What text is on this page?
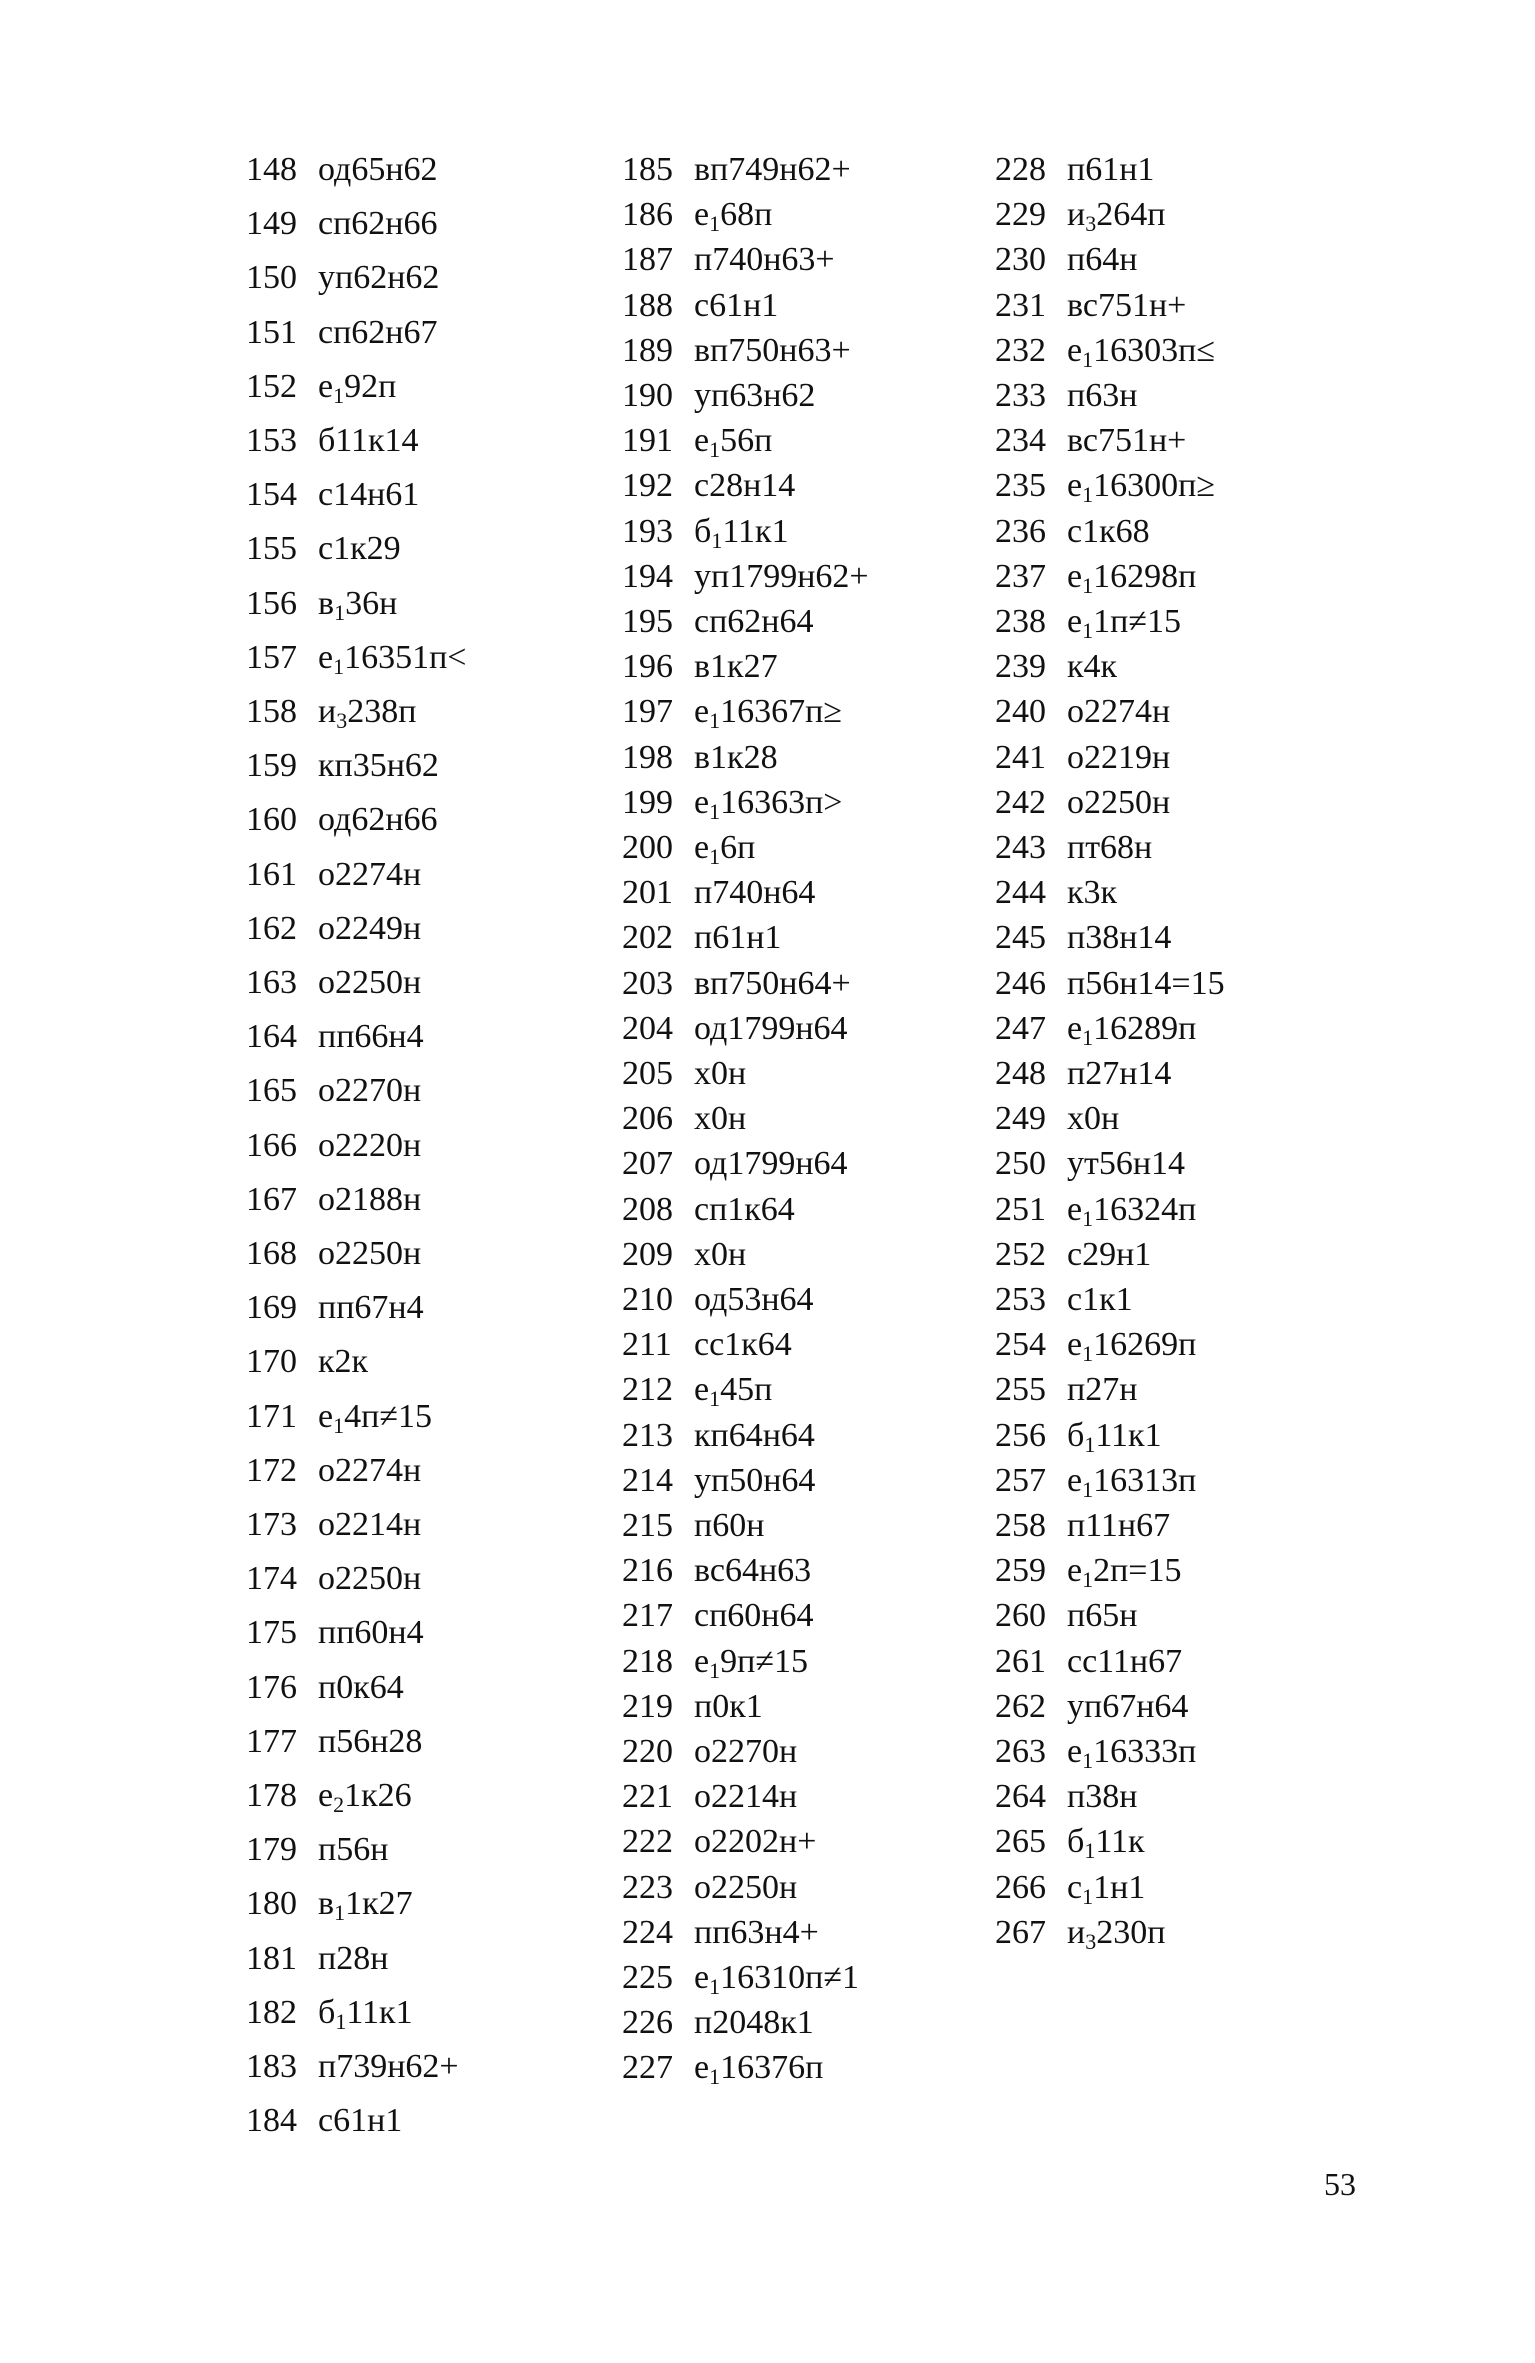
148 од65н62
149 сп62н66
150 уп62н62
151 сп62н67
152 $e_192п$
153 б11к14
154 с14н61
155 с1к29
156 $в_136н$
157 $e_116351п<$
158 $и_3238п$
159 кп35н62
160 од62н66
161 o2274н
162 o2249н
163 o2250н
164 пп66н4
165 o2270н
166 o2220н
167 o2188н
168 o2250н
169 пп67н4
170 к2к
171 $e_14п\ne 15$
172 o2274н
173 o2214н
174 o2250н
175 пп60н4
176 п0к64
177 п56н28
178 $e_21к26$
179 п56н
180 $в_11к27$
181 п28н
182 $б_111к1$
183 п739н62+
184 с61н1
185 вп749н62+
186 $e_168п$
187 п740н63+
188 с61н1
189 вп750н63+
190 уп63н62
191 $e_156п$
192 с28н14
193 $б_111к1$
194 уп1799н62+
195 сп62н64
196 в1к27
197 $e_116367п\ge$
198 в1к28
199 $e_116363п>$
200 $e_16п$
201 п740н64
202 п61н1
203 вп750н64+
204 од1799н64
205 х0н
206 х0н
207 од1799н64
208 сп1к64
209 х0н
210 од53н64
211 сс1к64
212 $e_145п$
213 кп64н64
214 уп50н64
215 п60н
216 вс64н63
217 сп60н64
218 $e_19п\ne 15$
219 п0к1
220 o2270н
221 o2214н
222 o2202н+
223 o2250н
224 пп63н4+
225 $e_116310п\ne 1$
226 п2048к1
227 $e_116376п$
228 п61н1
229 $и_3264п$
230 п64н
231 вс751н+
232 $e_116303п\le$
233 п63н
234 вс751н+
235 $e_116300п\ge$
236 с1к68
237 $e_116298п$
238 $e_11п\ne 15$
239 к4к
240 o2274н
241 o2219н
242 o2250н
243 пт68н
244 к3к
245 п38н14
246 п56н14=15
247 $e_116289п$
248 п27н14
249 х0н
250 ут56н14
251 $e_116324п$
252 с29н1
253 с1к1
254 $e_116269п$
255 п27н
256 $б_111к1$
257 $e_116313п$
258 п11н67
259 $e_12п=15$
260 п65н
261 сс11н67
262 уп67н64
263 $e_116333п$
264 п38н
265 $б_111к$
266 $с_11н1$
267 $и_3230п$
53
